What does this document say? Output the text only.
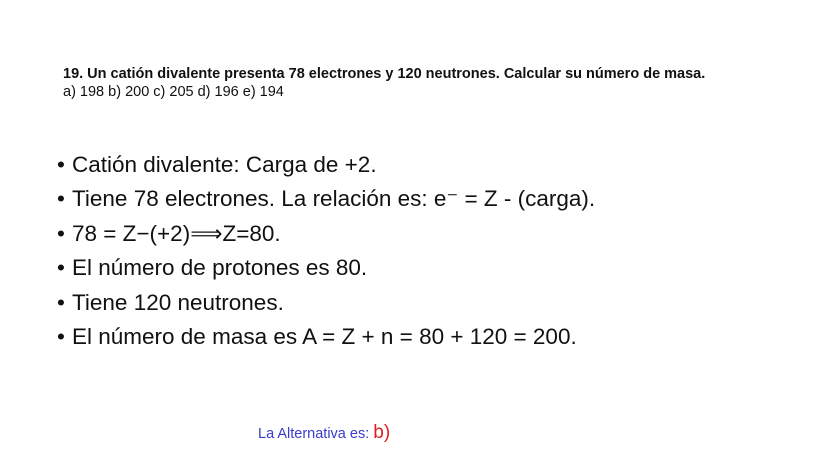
19. Un catión divalente presenta 78 electrones y 120 neutrones. Calcular su número de masa.

a) 198 b) 200 c) 205 d) 196 e) 194

• Catión divalente: Carga de +2.
• Tiene 78 electrones. La relación es: e⁻ = Z - (carga).
• 78 = Z−(+2)⟹Z=80.
• El número de protones es 80.
• Tiene 120 neutrones.
• El número de masa es A = Z + n = 80 + 120 = 200.
La Alternativa es: b)
